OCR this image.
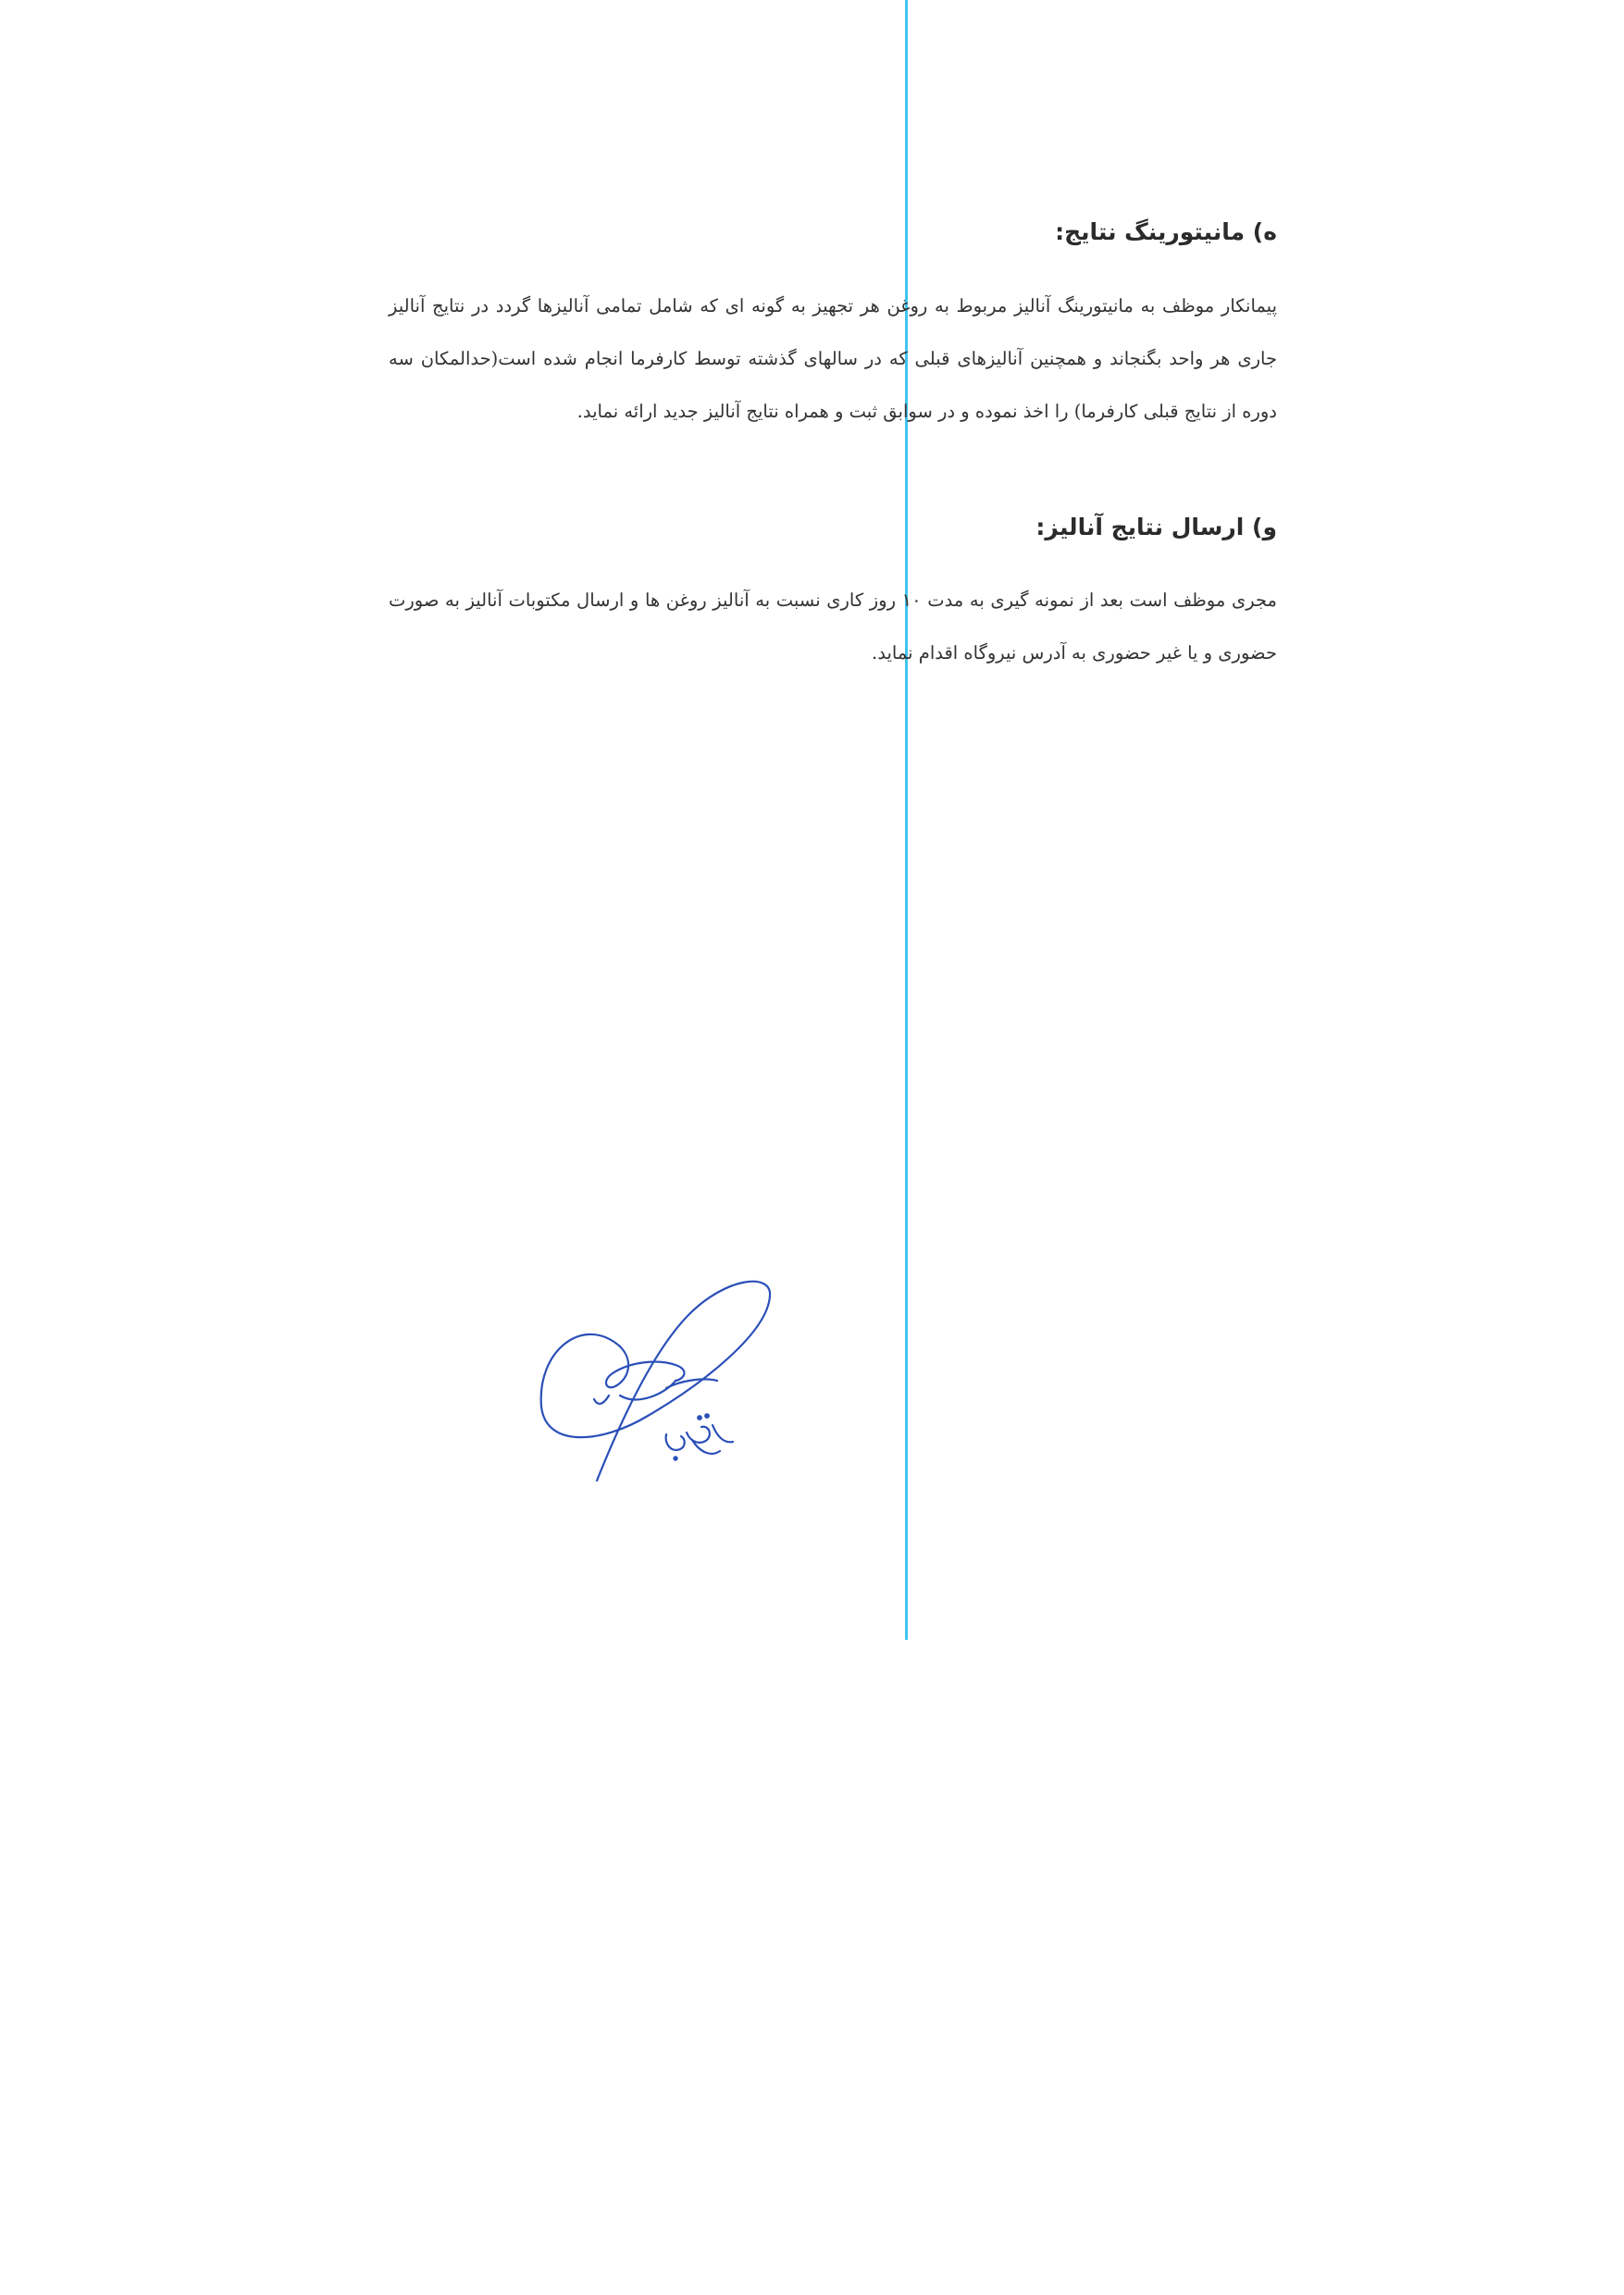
ه) مانیتورینگ نتایج:

پیمانکار موظف به مانیتورینگ آنالیز مربوط به روغن هر تجهیز به گونه ای که شامل تمامی آنالیزها گردد در نتایج آنالیز جاری هر واحد بگنجاند و همچنین آنالیزهای قبلی که در سالهای گذشته توسط کارفرما انجام شده است(حدالمکان سه دوره از نتایج قبلی کارفرما) را اخذ نموده و در سوابق ثبت و همراه نتایج آنالیز جدید ارائه نماید.

و) ارسال نتایج آنالیز:

مجری موظف است بعد از نمونه گیری به مدت ۱۰ روز کاری نسبت به آنالیز روغن ها و ارسال مکتوبات آنالیز به صورت حضوری و یا غیر حضوری به آدرس نیروگاه اقدام نماید.
